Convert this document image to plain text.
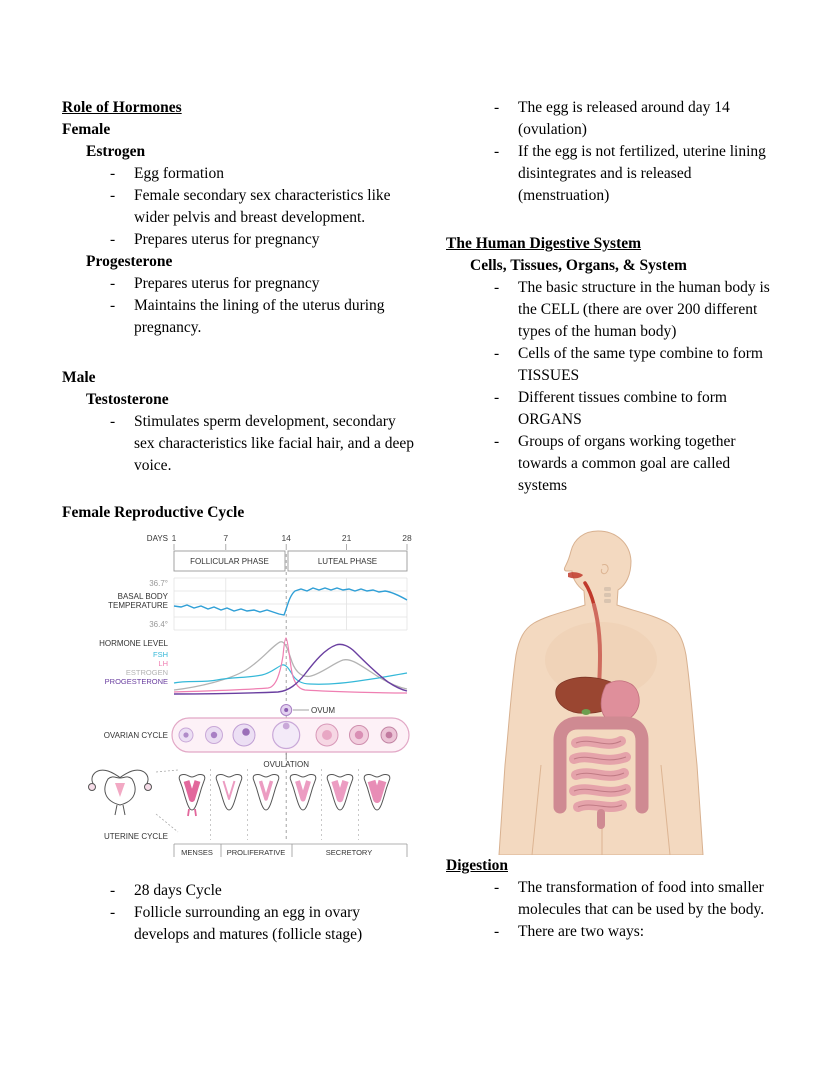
Role of Hormones
Female
Estrogen
-	Egg formation
-	Female secondary sex characteristics like wider pelvis and breast development.
-	Prepares uterus for pregnancy
Progesterone
-	Prepares uterus for pregnancy
-	Maintains the lining of the uterus during pregnancy.
Male
Testosterone
-	Stimulates sperm development, secondary sex characteristics like facial hair, and a deep voice.
Female Reproductive Cycle
DAYS 1	7	14	21	28
FOLLICULAR PHASE	LUTEAL PHASE
36.7°
BASAL BODY
TEMPERATURE
36.4°
HORMONE LEVEL
FSH
LH
ESTROGEN
PROGESTERONE
OVUM
OVARIAN CYCLE
OVULATION
UTERINE CYCLE
MENSES PROLIFERATIVE	SECRETORY
-	28 days Cycle
-	Follicle surrounding an egg in ovary develops and matures (follicle stage)
-	The egg is released around day 14 (ovulation)
-	If the egg is not fertilized, uterine lining disintegrates and is released (menstruation)
The Human Digestive System
Cells, Tissues, Organs, & System
-	The basic structure in the human body is the CELL (there are over 200 different types of the human body)
-	Cells of the same type combine to form TISSUES
-	Different tissues combine to form ORGANS
-	Groups of organs working together towards a common goal are called systems
Digestion
-	The transformation of food into smaller molecules that can be used by the body.
-	There are two ways:
